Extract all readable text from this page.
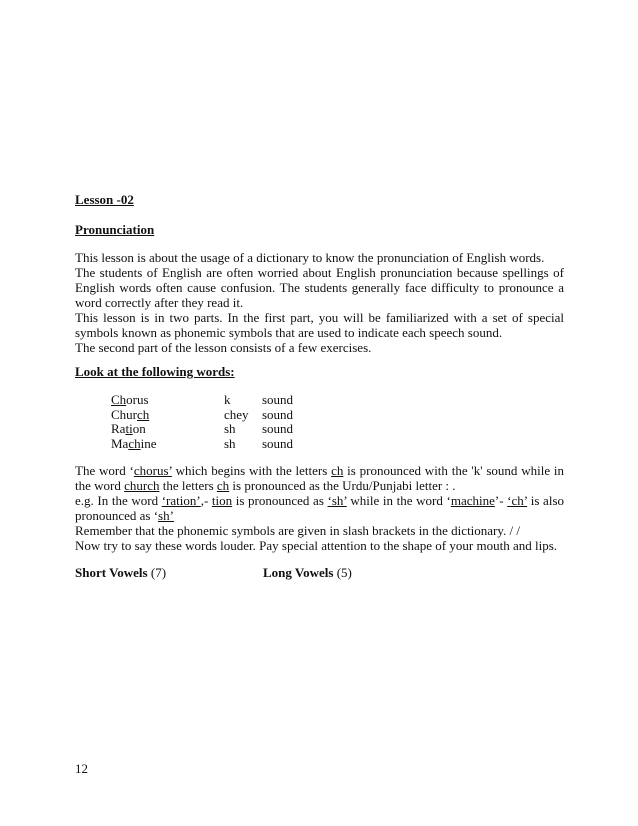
Lesson -02
Pronunciation

This lesson is about the usage of a dictionary to know the pronunciation of English words.

The students of English are often worried about English pronunciation because spellings of English words often cause confusion. The students generally face difficulty to pronounce a word correctly after they read it.

This lesson is in two parts. In the first part, you will be familiarized with a set of special symbols known as phonemic symbols that are used to indicate each speech sound.

The second part of the lesson consists of a few exercises.

Look at the following words:
Chorus	k sound
Church	chey sound
Ration	sh sound
Machine	sh sound

The word ‘chorus’ which begins with the letters ch is pronounced with the 'k' sound while in the word church the letters ch is pronounced as the Urdu/Punjabi letter : .

e.g. In the word ‘ration’,- tion is pronounced as ‘sh’ while in the word ‘machine’- ‘ch’ is also pronounced as ‘sh’

Remember that the phonemic symbols are given in slash brackets in the dictionary. / /

Now try to say these words louder. Pay special attention to the shape of your mouth and lips.

Short Vowels (7)	Long Vowels (5)
12
